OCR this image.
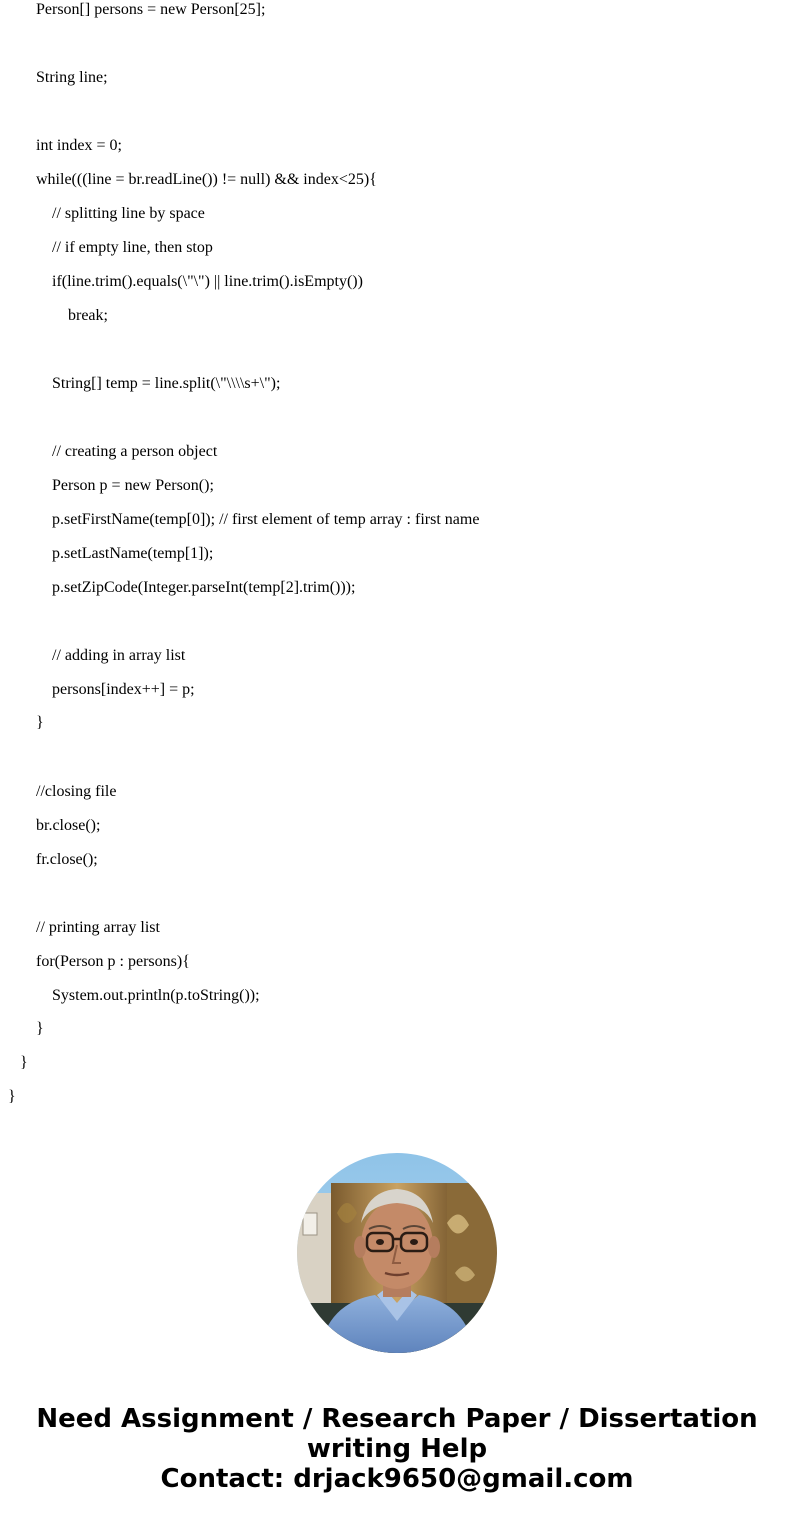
Person[] persons = new Person[25];
String line;
int index = 0;
while(((line = br.readLine()) != null) && index<25){
// splitting line by space
// if empty line, then stop
if(line.trim().equals(\"\") || line.trim().isEmpty())
break;
String[] temp = line.split(\"\\\\s+\");
// creating a person object
Person p = new Person();
p.setFirstName(temp[0]); // first element of temp array : first name
p.setLastName(temp[1]);
p.setZipCode(Integer.parseInt(temp[2].trim()));
// adding in array list
persons[index++] = p;
}
//closing file
br.close();
fr.close();
// printing array list
for(Person p : persons){
System.out.println(p.toString());
}
}
}
Need Assignment / Research Paper / Dissertation
writing Help
Contact: drjack9650@gmail.com
